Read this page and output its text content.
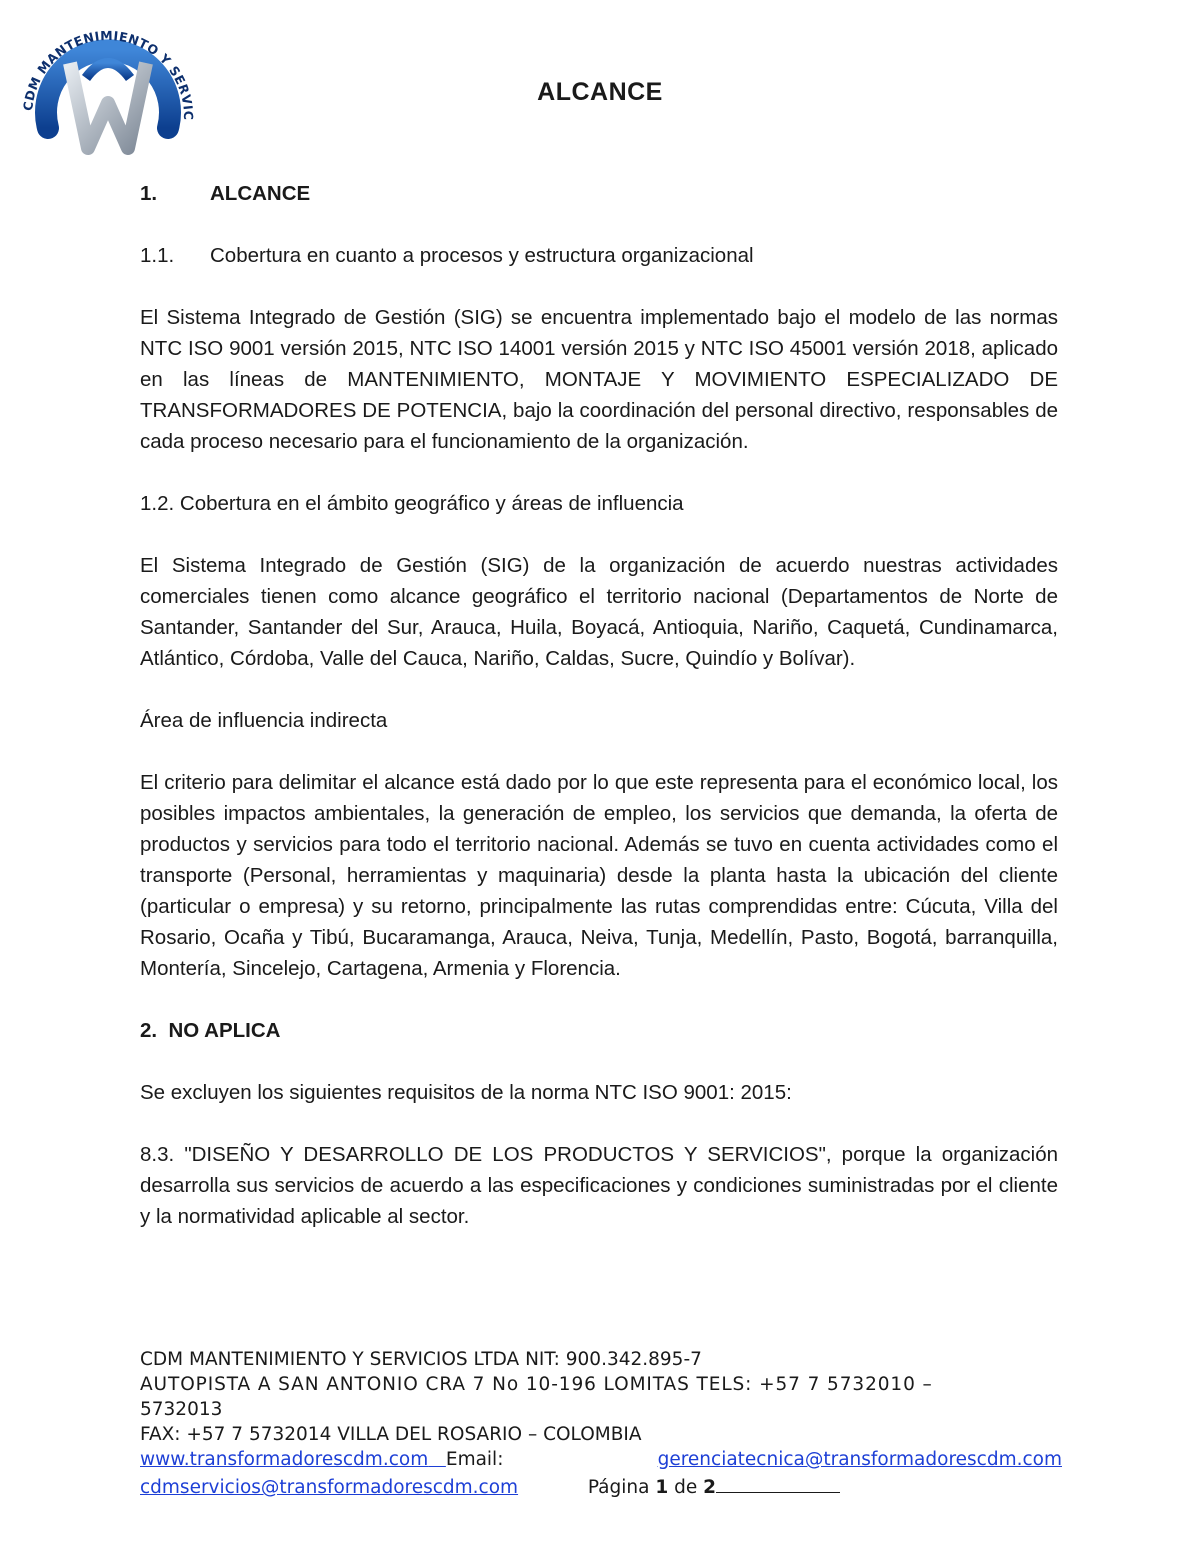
CDM MANTENIMIENTO Y SERVIC
ALCANCE
1.	ALCANCE
1.1.	Cobertura en cuanto a procesos y estructura organizacional

El Sistema Integrado de Gestión (SIG) se encuentra implementado bajo el modelo de las normas NTC ISO 9001 versión 2015, NTC ISO 14001 versión 2015 y NTC ISO 45001 versión 2018, aplicado en las líneas de MANTENIMIENTO, MONTAJE Y MOVIMIENTO ESPECIALIZADO DE TRANSFORMADORES DE POTENCIA, bajo la coordinación del personal directivo, responsables de cada proceso necesario para el funcionamiento de la organización.

1.2. Cobertura en el ámbito geográfico y áreas de influencia

El Sistema Integrado de Gestión (SIG) de la organización de acuerdo nuestras actividades comerciales tienen como alcance geográfico el territorio nacional (Departamentos de Norte de Santander, Santander del Sur, Arauca, Huila, Boyacá, Antioquia, Nariño, Caquetá, Cundinamarca, Atlántico, Córdoba, Valle del Cauca, Nariño, Caldas, Sucre, Quindío y Bolívar).

Área de influencia indirecta

El criterio para delimitar el alcance está dado por lo que este representa para el económico local, los posibles impactos ambientales, la generación de empleo, los servicios que demanda, la oferta de productos y servicios para todo el territorio nacional. Además se tuvo en cuenta actividades como el transporte (Personal, herramientas y maquinaria) desde la planta hasta la ubicación del cliente (particular o empresa) y su retorno, principalmente las rutas comprendidas entre: Cúcuta, Villa del Rosario, Ocaña y Tibú, Bucaramanga, Arauca, Neiva, Tunja, Medellín, Pasto, Bogotá, barranquilla, Montería, Sincelejo, Cartagena, Armenia y Florencia.

2.  NO APLICA

Se excluyen los siguientes requisitos de la norma NTC ISO 9001: 2015:

8.3. "DISEÑO Y DESARROLLO DE LOS PRODUCTOS Y SERVICIOS", porque la organización desarrolla sus servicios de acuerdo a las especificaciones y condiciones suministradas por el cliente y la normatividad aplicable al sector.

CDM MANTENIMIENTO Y SERVICIOS LTDA NIT: 900.342.895-7
AUTOPISTA A SAN ANTONIO CRA 7 No 10-196 LOMITAS TELS: +57 7 5732010 –
5732013
FAX: +57 7 5732014 VILLA DEL ROSARIO – COLOMBIA
www.transformadorescdm.com Email:	gerenciatecnica@transformadorescdm.com
cdmservicios@transformadorescdm.com	Página 1 de 2
